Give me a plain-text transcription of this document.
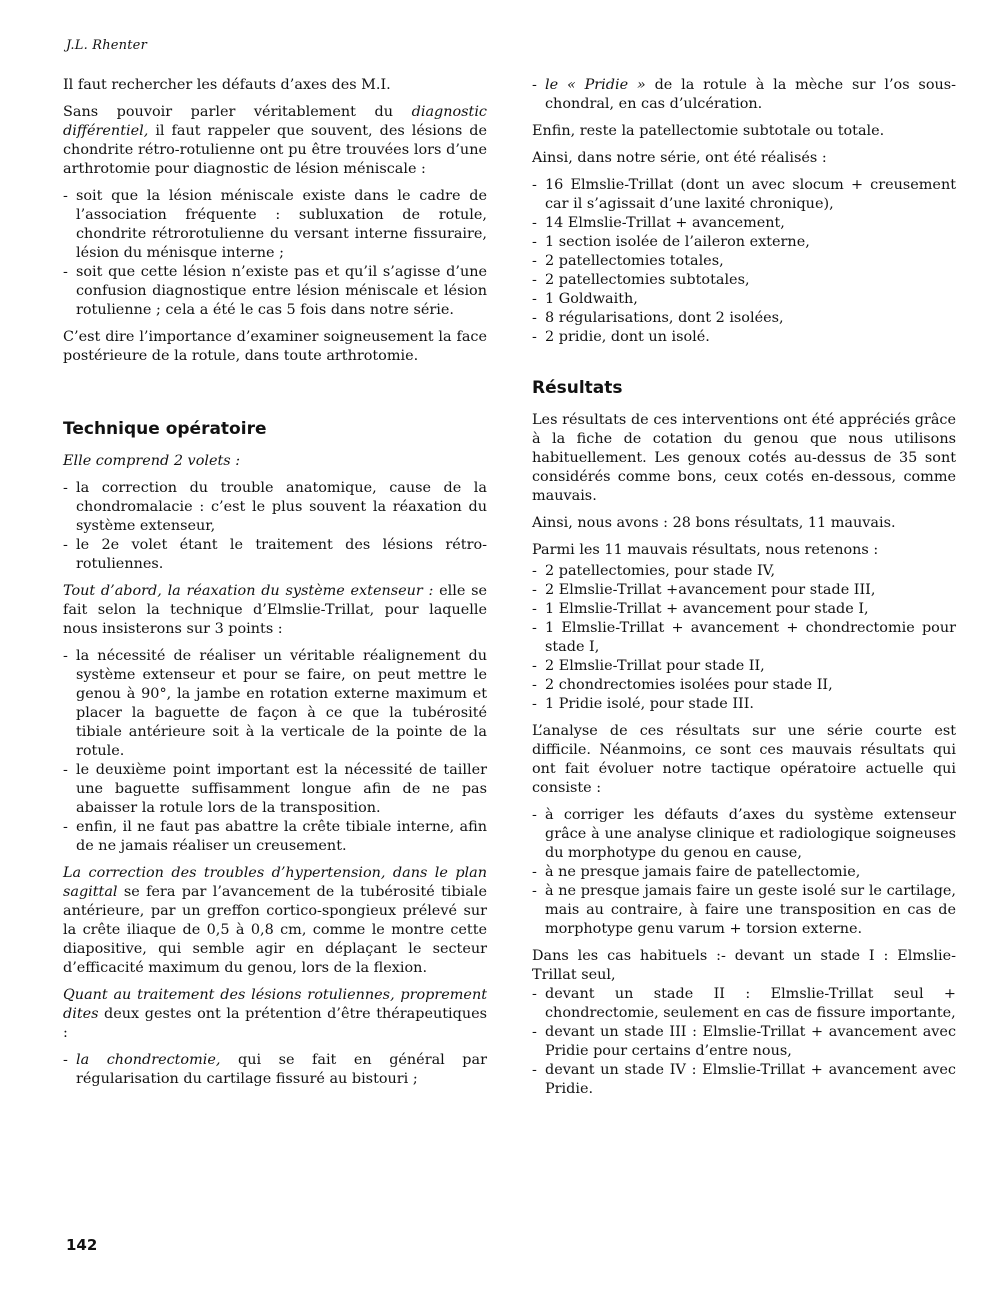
J.L. Rhenter

Il faut rechercher les défauts d’axes des M.I.

Sans pouvoir parler véritablement du diagnostic différentiel, il faut rappeler que souvent, des lésions de chondrite rétro-rotulienne ont pu être trouvées lors d’une arthrotomie pour diagnostic de lésion méniscale :

- soit que la lésion méniscale existe dans le cadre de l’association fréquente : subluxation de rotule, chondrite rétrorotulienne du versant interne fissuraire, lésion du ménisque interne ;
- soit que cette lésion n’existe pas et qu’il s’agisse d’une confusion diagnostique entre lésion méniscale et lésion rotulienne ; cela a été le cas 5 fois dans notre série.

C’est dire l’importance d’examiner soigneusement la face postérieure de la rotule, dans toute arthrotomie.

Technique opératoire

Elle comprend 2 volets :

- la correction du trouble anatomique, cause de la chondromalacie : c’est le plus souvent la réaxation du système extenseur,
- le 2e volet étant le traitement des lésions rétro-rotuliennes.

Tout d’abord, la réaxation du système extenseur : elle se fait selon la technique d’Elmslie-Trillat, pour laquelle nous insisterons sur 3 points :

- la nécessité de réaliser un véritable réalignement du système extenseur et pour se faire, on peut mettre le genou à 90°, la jambe en rotation externe maximum et placer la baguette de façon à ce que la tubérosité tibiale antérieure soit à la verticale de la pointe de la rotule.
- le deuxième point important est la nécessité de tailler une baguette suffisamment longue afin de ne pas abaisser la rotule lors de la transposition.
- enfin, il ne faut pas abattre la crête tibiale interne, afin de ne jamais réaliser un creusement.

La correction des troubles d’hypertension, dans le plan sagittal se fera par l’avancement de la tubérosité tibiale antérieure, par un greffon cortico-spongieux prélevé sur la crête iliaque de 0,5 à 0,8 cm, comme le montre cette diapositive, qui semble agir en déplaçant le secteur d’efficacité maximum du genou, lors de la flexion.

Quant au traitement des lésions rotuliennes, proprement dites deux gestes ont la prétention d’être thérapeutiques :

- la chondrectomie, qui se fait en général par régularisation du cartilage fissuré au bistouri ;
- le « Pridie » de la rotule à la mèche sur l’os sous-chondral, en cas d’ulcération.

Enfin, reste la patellectomie subtotale ou totale.

Ainsi, dans notre série, ont été réalisés :

- 16 Elmslie-Trillat (dont un avec slocum + creusement car il s’agissait d’une laxité chronique),
- 14 Elmslie-Trillat + avancement,
- 1 section isolée de l’aileron externe,
- 2 patellectomies totales,
- 2 patellectomies subtotales,
- 1 Goldwaith,
- 8 régularisations, dont 2 isolées,
- 2 pridie, dont un isolé.
Résultats

Les résultats de ces interventions ont été appréciés grâce à la fiche de cotation du genou que nous utilisons habituellement. Les genoux cotés au-dessus de 35 sont considérés comme bons, ceux cotés en-dessous, comme mauvais.

Ainsi, nous avons : 28 bons résultats, 11 mauvais.

Parmi les 11 mauvais résultats, nous retenons :

- 2 patellectomies, pour stade IV,
- 2 Elmslie-Trillat +avancement pour stade III,
- 1 Elmslie-Trillat + avancement pour stade I,
- 1 Elmslie-Trillat + avancement + chondrectomie pour stade I,
- 2 Elmslie-Trillat pour stade II,
- 2 chondrectomies isolées pour stade II,
- 1 Pridie isolé, pour stade III.

L’analyse de ces résultats sur une série courte est difficile. Néanmoins, ce sont ces mauvais résultats qui ont fait évoluer notre tactique opératoire actuelle qui consiste :

- à corriger les défauts d’axes du système extenseur grâce à une analyse clinique et radiologique soigneuses du morphotype du genou en cause,
- à ne presque jamais faire de patellectomie,
- à ne presque jamais faire un geste isolé sur le cartilage, mais au contraire, à faire une transposition en cas de morphotype genu varum + torsion externe.

Dans les cas habituels :- devant un stade I : Elmslie-Trillat seul,

- devant un stade II : Elmslie-Trillat seul + chondrectomie, seulement en cas de fissure importante,
- devant un stade III : Elmslie-Trillat + avancement avec Pridie pour certains d’entre nous,
- devant un stade IV : Elmslie-Trillat + avancement avec Pridie.
142
